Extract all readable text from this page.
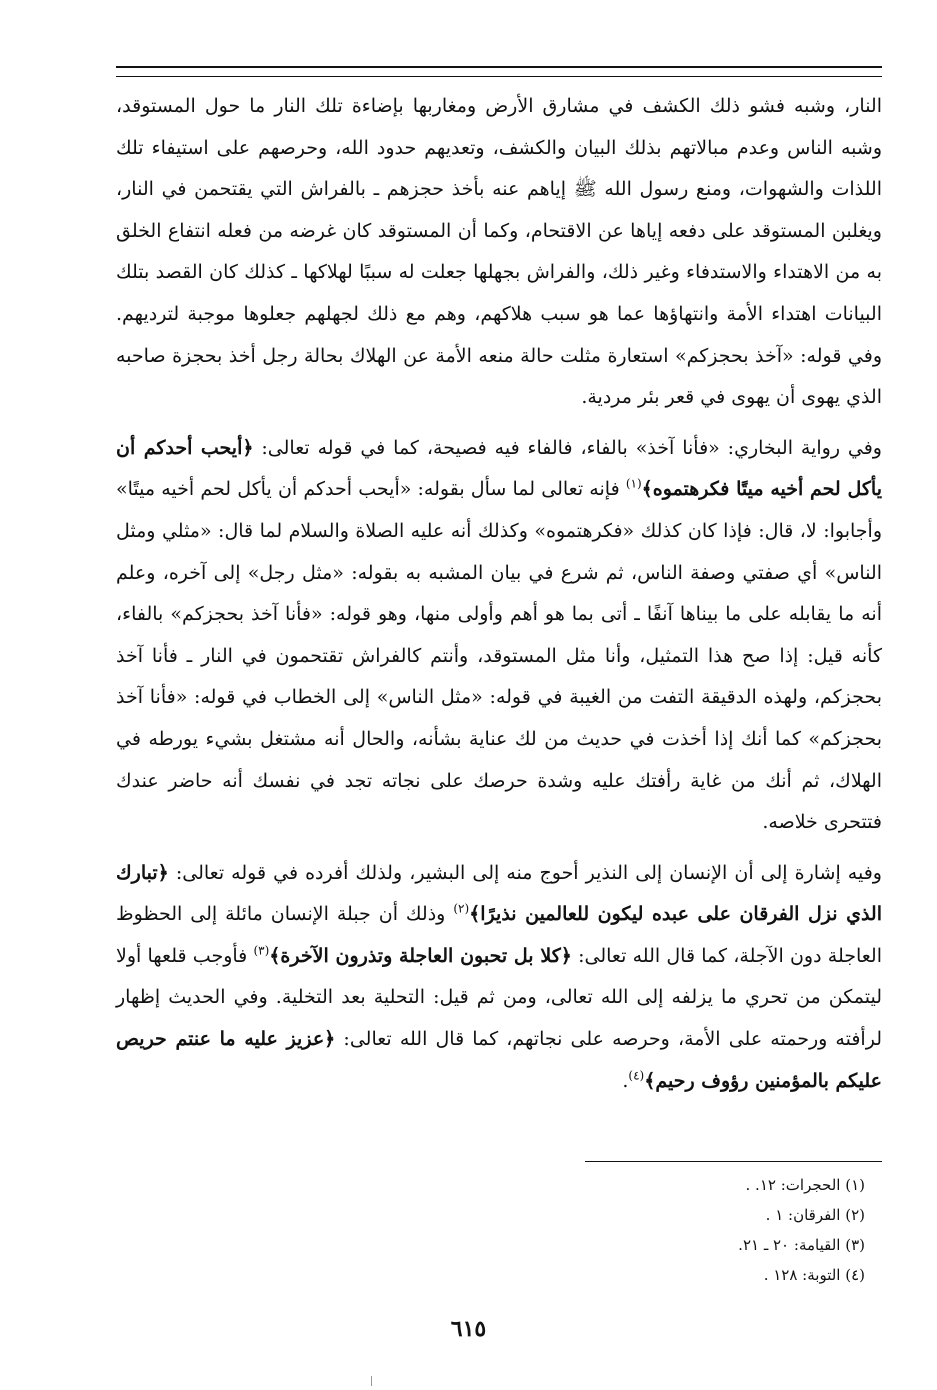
النار، وشبه فشو ذلك الكشف في مشارق الأرض ومغاربها بإضاءة تلك النار ما حول المستوقد، وشبه الناس وعدم مبالاتهم بذلك البيان والكشف، وتعديهم حدود الله، وحرصهم على استيفاء تلك اللذات والشهوات، ومنع رسول الله ﷺ إياهم عنه بأخذ حجزهم ـ بالفراش التي يقتحمن في النار، ويغلبن المستوقد على دفعه إياها عن الاقتحام، وكما أن المستوقد كان غرضه من فعله انتفاع الخلق به من الاهتداء والاستدفاء وغير ذلك، والفراش بجهلها جعلت له سببًا لهلاكها ـ كذلك كان القصد بتلك البيانات اهتداء الأمة وانتهاؤها عما هو سبب هلاكهم، وهم مع ذلك لجهلهم جعلوها موجبة لترديهم. وفي قوله: «آخذ بحجزكم» استعارة مثلت حالة منعه الأمة عن الهلاك بحالة رجل أخذ بحجزة صاحبه الذي يهوى أن يهوى في قعر بئر مردية.

وفي رواية البخاري: «فأنا آخذ» بالفاء، فالفاء فيه فصيحة، كما في قوله تعالى: ﴿أيحب أحدكم أن يأكل لحم أخيه ميتًا فكرهتموه﴾$^{(١)}$ فإنه تعالى لما سأل بقوله: «أيحب أحدكم أن يأكل لحم أخيه ميتًا» وأجابوا: لا، قال: فإذا كان كذلك «فكرهتموه» وكذلك أنه عليه الصلاة والسلام لما قال: «مثلي ومثل الناس» أي صفتي وصفة الناس، ثم شرع في بيان المشبه به بقوله: «مثل رجل» إلى آخره، وعلم أنه ما يقابله على ما بيناها آنفًا ـ أتى بما هو أهم وأولى منها، وهو قوله: «فأنا آخذ بحجزكم» بالفاء، كأنه قيل: إذا صح هذا التمثيل، وأنا مثل المستوقد، وأنتم كالفراش تقتحمون في النار ـ فأنا آخذ بحجزكم، ولهذه الدقيقة التفت من الغيبة في قوله: «مثل الناس» إلى الخطاب في قوله: «فأنا آخذ بحجزكم» كما أنك إذا أخذت في حديث من لك عناية بشأنه، والحال أنه مشتغل بشيء يورطه في الهلاك، ثم أنك من غاية رأفتك عليه وشدة حرصك على نجاته تجد في نفسك أنه حاضر عندك فتتحرى خلاصه.

وفيه إشارة إلى أن الإنسان إلى النذير أحوج منه إلى البشير، ولذلك أفرده في قوله تعالى: ﴿تبارك الذي نزل الفرقان على عبده ليكون للعالمين نذيرًا﴾$^{(٢)}$ وذلك أن جبلة الإنسان مائلة إلى الحظوظ العاجلة دون الآجلة، كما قال الله تعالى: ﴿كلا بل تحبون العاجلة وتذرون الآخرة﴾$^{(٣)}$ فأوجب قلعها أولا ليتمكن من تحري ما يزلفه إلى الله تعالى، ومن ثم قيل: التحلية بعد التخلية. وفي الحديث إظهار لرأفته ورحمته على الأمة، وحرصه على نجاتهم، كما قال الله تعالى: ﴿عزيز عليه ما عنتم حريص عليكم بالمؤمنين رؤوف رحيم﴾$^{(٤)}$.

(١) الحجرات: ١٢. .
(٢) الفرقان: ١ .
(٣) القيامة: ٢٠ ـ ٢١.
(٤) التوبة: ١٢٨ .
٦١٥
